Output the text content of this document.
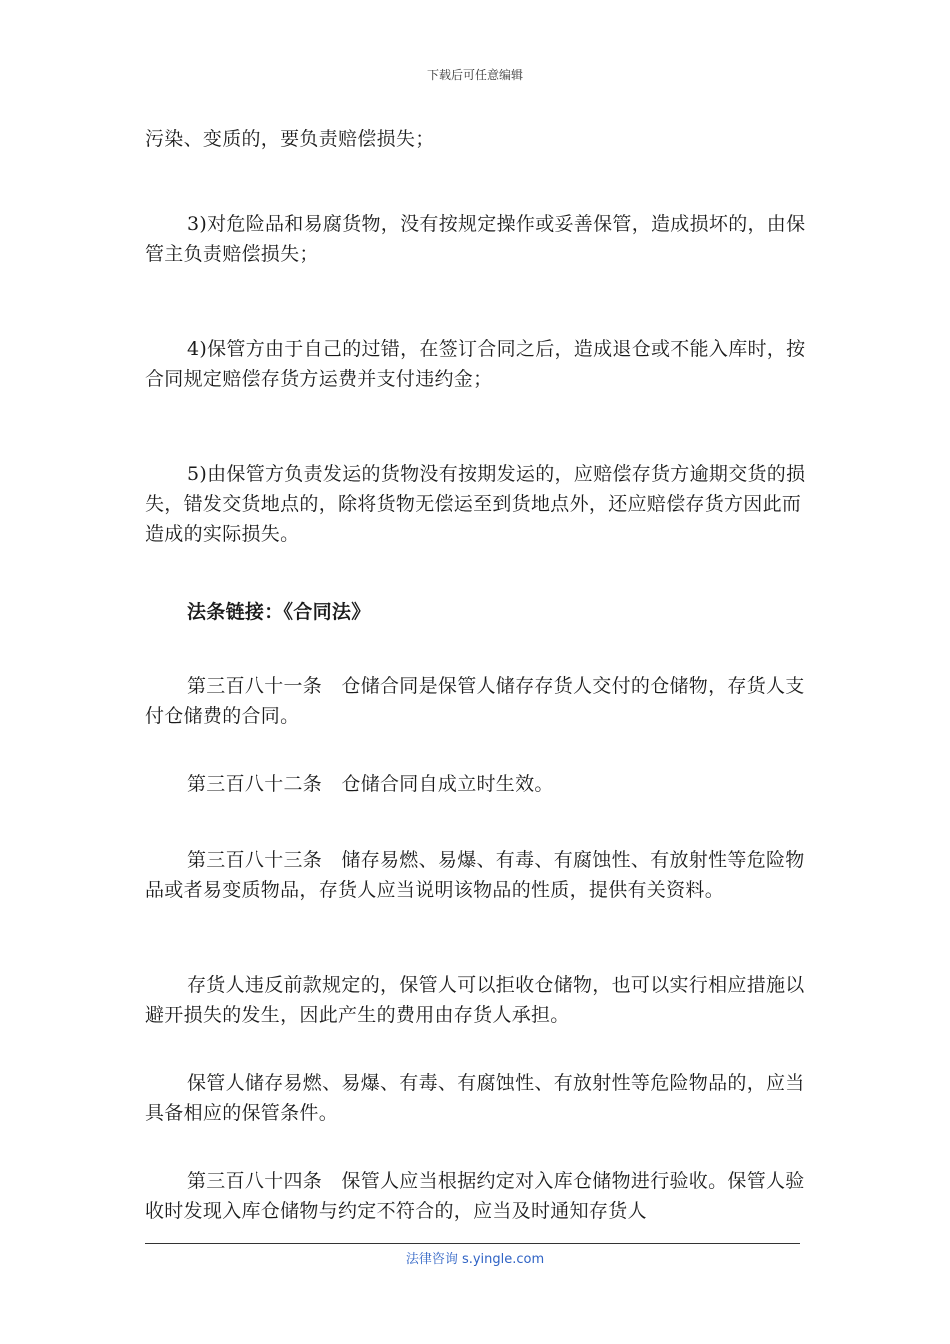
下载后可任意编辑
污染、变质的，要负责赔偿损失；
3)对危险品和易腐货物，没有按规定操作或妥善保管，造成损坏的，由保管主负责赔偿损失；
4)保管方由于自己的过错，在签订合同之后，造成退仓或不能入库时，按合同规定赔偿存货方运费并支付违约金；
5)由保管方负责发运的货物没有按期发运的，应赔偿存货方逾期交货的损失，错发交货地点的，除将货物无偿运至到货地点外，还应赔偿存货方因此而造成的实际损失。
法条链接：《合同法》
第三百八十一条　仓储合同是保管人储存存货人交付的仓储物，存货人支付仓储费的合同。
第三百八十二条　仓储合同自成立时生效。
第三百八十三条　储存易燃、易爆、有毒、有腐蚀性、有放射性等危险物品或者易变质物品，存货人应当说明该物品的性质，提供有关资料。
存货人违反前款规定的，保管人可以拒收仓储物，也可以实行相应措施以避开损失的发生，因此产生的费用由存货人承担。
保管人储存易燃、易爆、有毒、有腐蚀性、有放射性等危险物品的，应当具备相应的保管条件。
第三百八十四条　保管人应当根据约定对入库仓储物进行验收。保管人验收时发现入库仓储物与约定不符合的，应当及时通知存货人
法律咨询 s.yingle.com
